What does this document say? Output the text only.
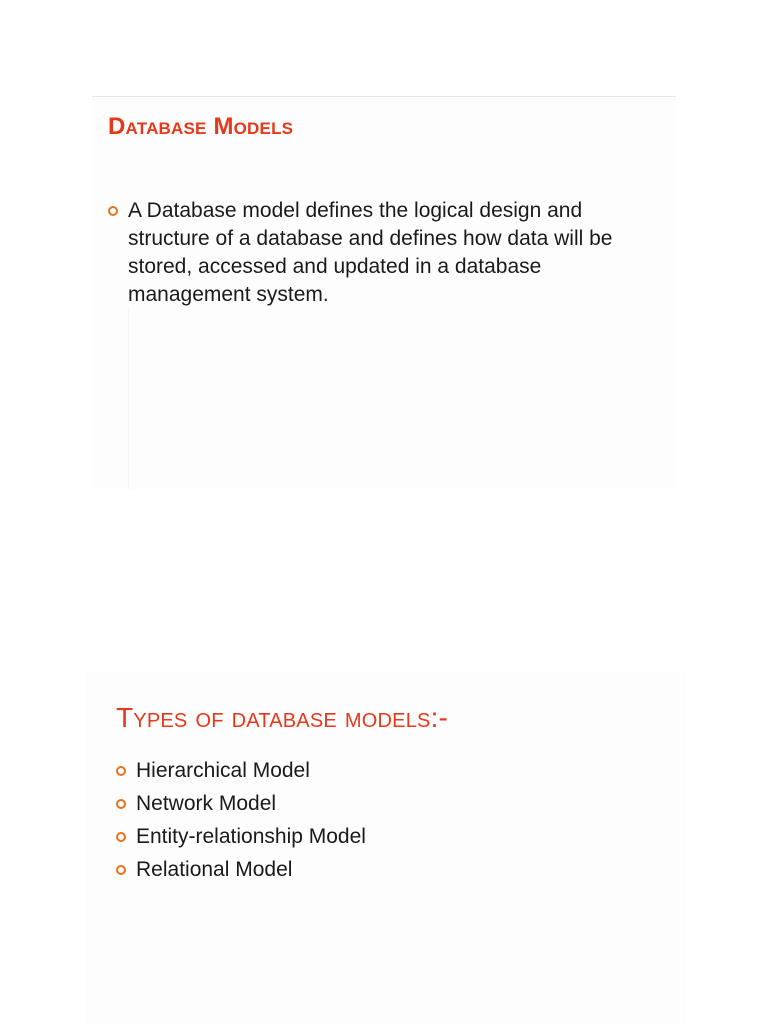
Database Models
A Database model defines the logical design and structure of a database and defines how data will be stored, accessed and updated in a database management system.
Types of database models:-
Hierarchical Model
Network Model
Entity-relationship Model
Relational Model
